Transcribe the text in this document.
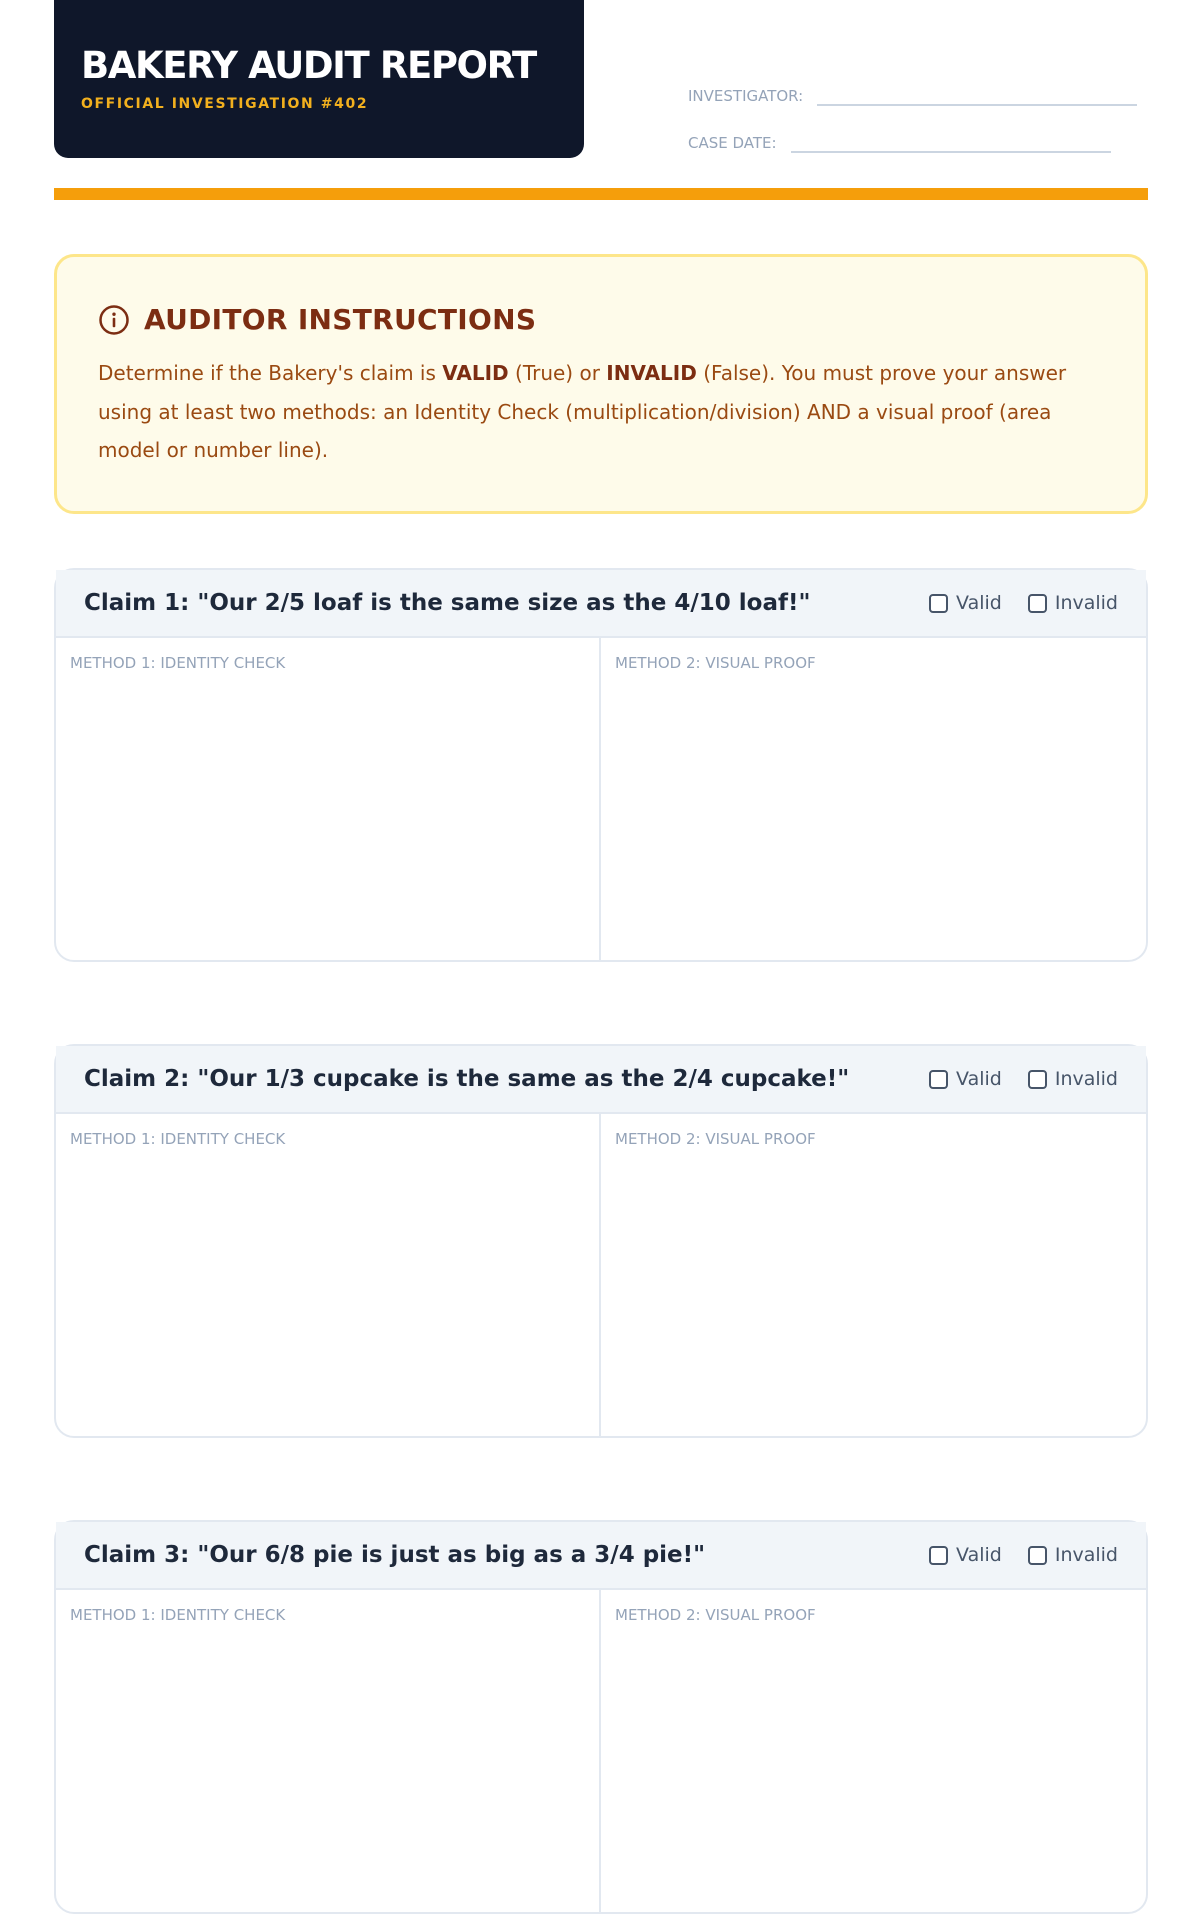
BAKERY AUDIT REPORT
OFFICIAL INVESTIGATION #402	INVESTIGATOR:
CASE DATE:
AUDITOR INSTRUCTIONS
Determine if the Bakery's claim is VALID (True) or INVALID (False). You must prove your answer using at least two methods: an Identity Check (multiplication/division) AND a visual proof (area model or number line).
Claim 1: "Our 2/5 loaf is the same size as the 4/10 loaf!"	Valid	Invalid
METHOD 1: IDENTITY CHECK	METHOD 2: VISUAL PROOF
Claim 2: "Our 1/3 cupcake is the same as the 2/4 cupcake!"	Valid	Invalid
METHOD 1: IDENTITY CHECK	METHOD 2: VISUAL PROOF
Claim 3: "Our 6/8 pie is just as big as a 3/4 pie!"	Valid	Invalid
METHOD 1: IDENTITY CHECK	METHOD 2: VISUAL PROOF
